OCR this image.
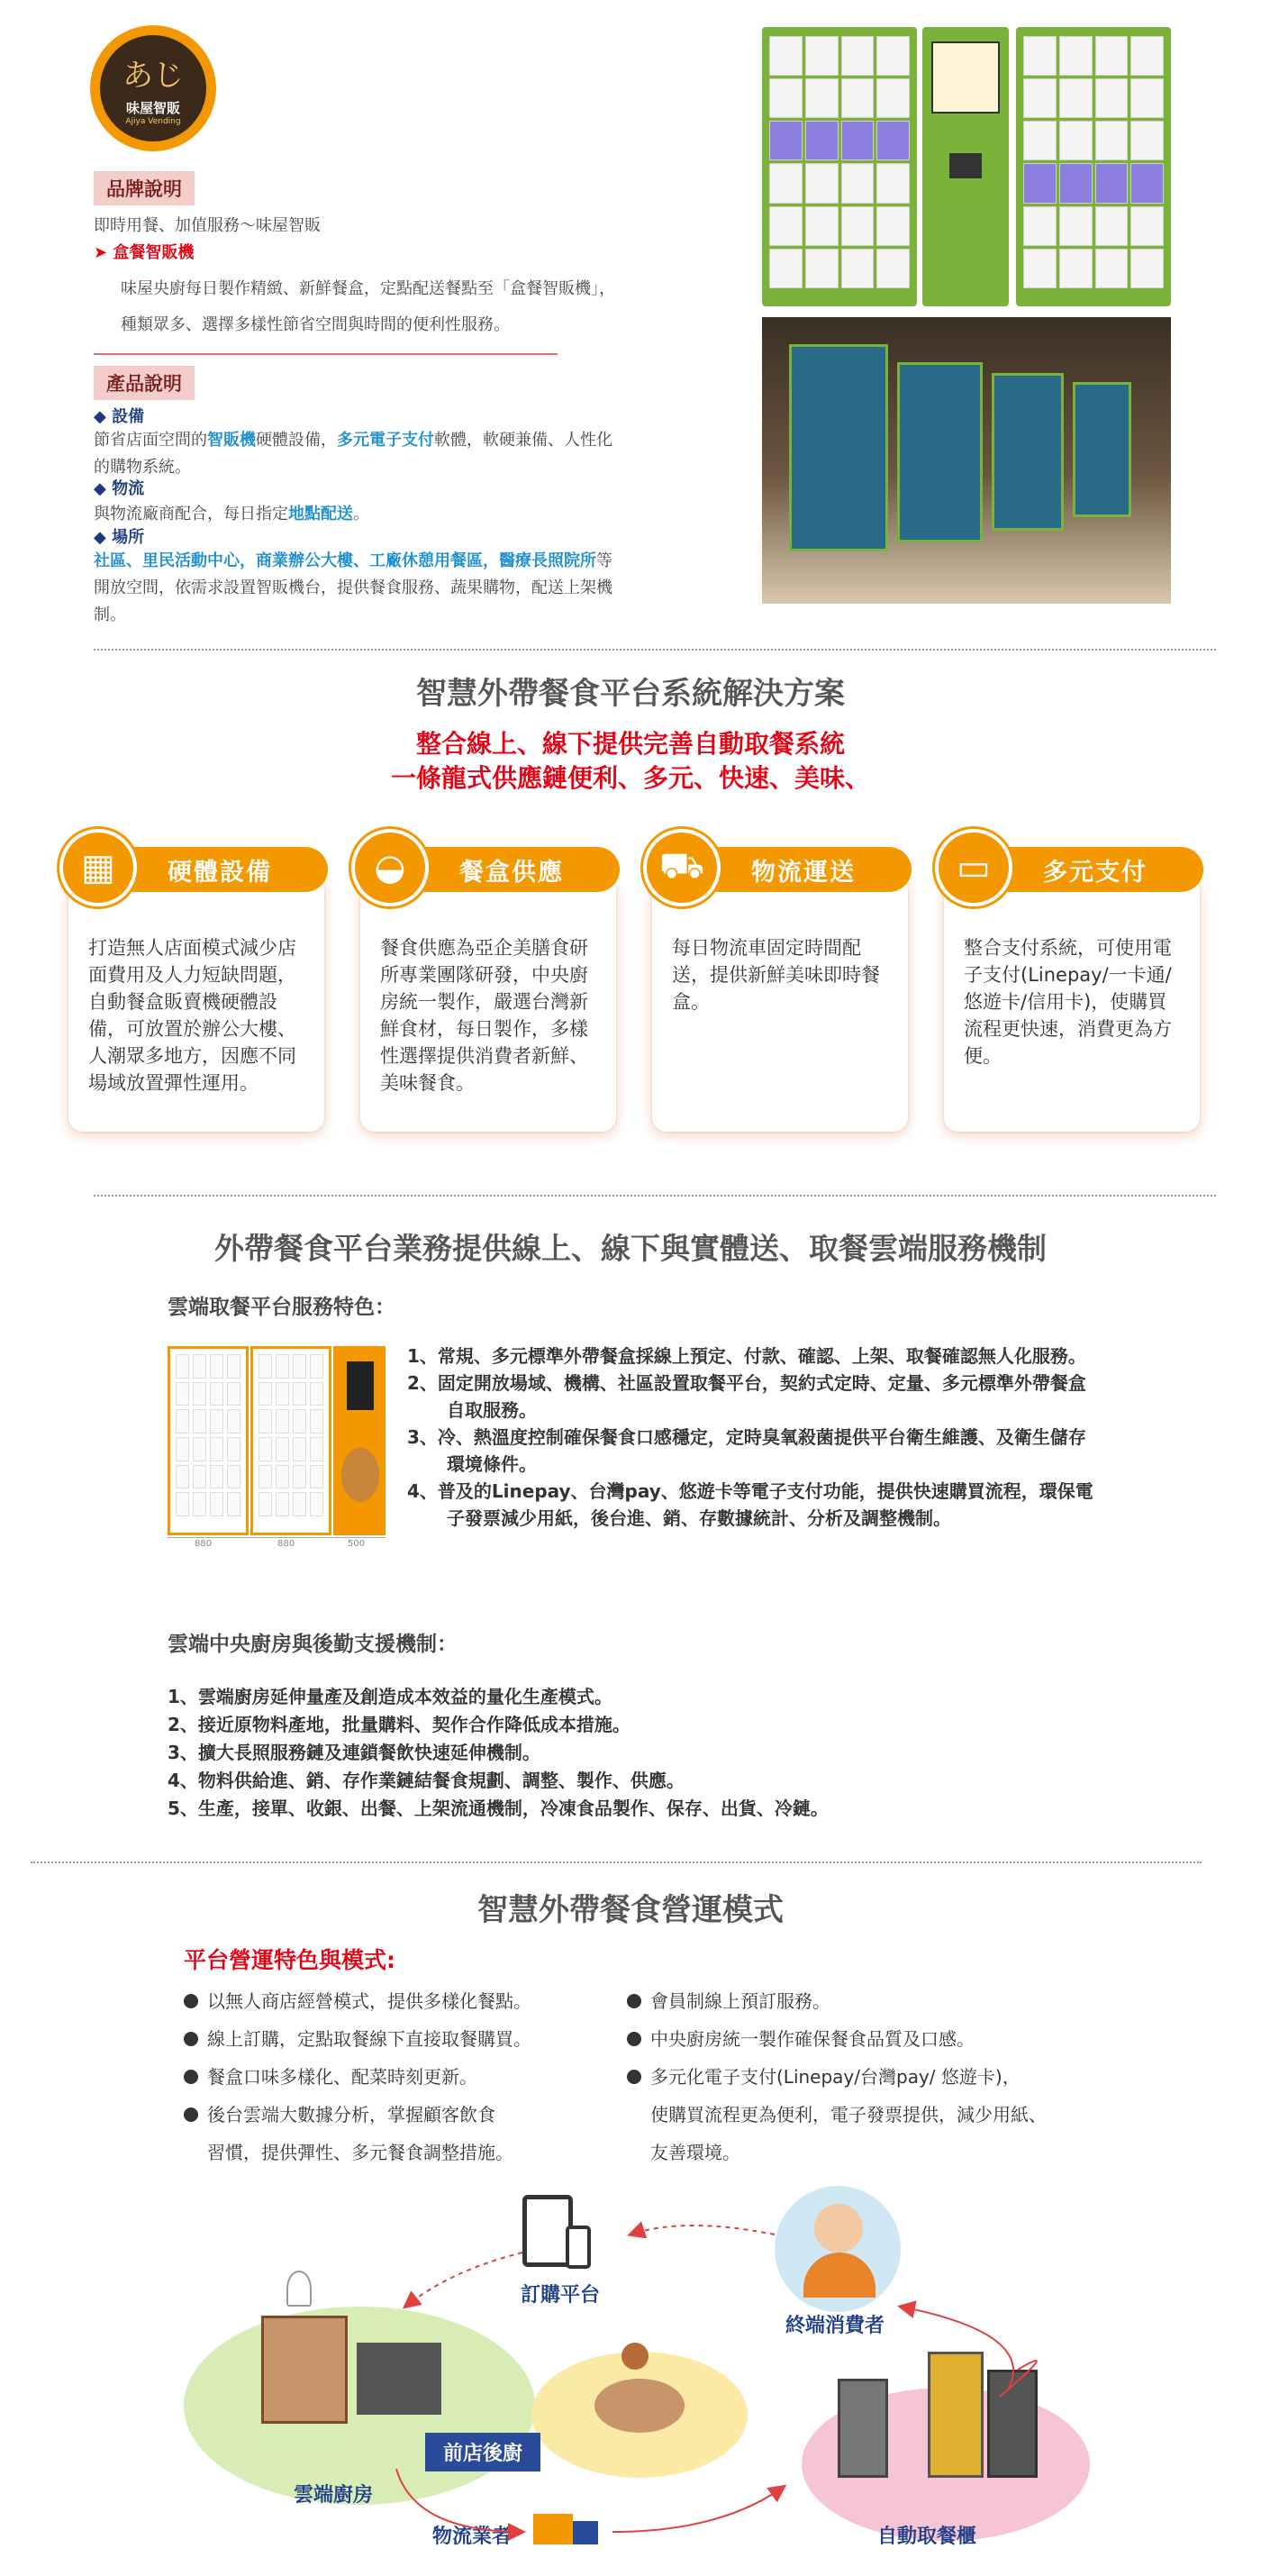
あじ
味屋智販
Ajiya Vending
品牌說明
即時用餐、加值服務～味屋智販
➤ 盒餐智販機
味屋央廚每日製作精緻、新鮮餐盒，定點配送餐點至「盒餐智販機」，
種類眾多、選擇多樣性節省空間與時間的便利性服務。
產品說明
◆ 設備
節省店面空間的智販機硬體設備，多元電子支付軟體，軟硬兼備、人性化
的購物系統。
◆ 物流
與物流廠商配合，每日指定地點配送。
◆ 場所
社區、里民活動中心，商業辦公大樓、工廠休憩用餐區，醫療長照院所等
開放空間，依需求設置智販機台，提供餐食服務、蔬果購物，配送上架機
制。
智慧外帶餐食平台系統解決方案
整合線上、線下提供完善自動取餐系統
一條龍式供應鏈便利、多元、快速、美味、
▦	硬體設備
打造無人店面模式減少店面費用及人力短缺問題，自動餐盒販賣機硬體設備，可放置於辦公大樓、人潮眾多地方，因應不同場域放置彈性運用。
◒	餐盒供應
餐食供應為亞企美膳食研所專業團隊研發，中央廚房統一製作，嚴選台灣新鮮食材，每日製作，多樣性選擇提供消費者新鮮、美味餐食。
⛟	物流運送
每日物流車固定時間配送，提供新鮮美味即時餐盒。
▭	多元支付
整合支付系統，可使用電子支付(Linepay/一卡通/ 悠遊卡/信用卡)，使購買流程更快速，消費更為方便。
外帶餐食平台業務提供線上、線下與實體送、取餐雲端服務機制
雲端取餐平台服務特色：
880	880	500
1、常規、多元標準外帶餐盒採線上預定、付款、確認、上架、取餐確認無人化服務。
2、固定開放場域、機構、社區設置取餐平台，契約式定時、定量、多元標準外帶餐盒自取服務。
3、冷、熱溫度控制確保餐食口感穩定，定時臭氧殺菌提供平台衛生維護、及衛生儲存環境條件。
4、普及的Linepay、台灣pay、悠遊卡等電子支付功能，提供快速購買流程，環保電子發票減少用紙，後台進、銷、存數據統計、分析及調整機制。
雲端中央廚房與後勤支援機制：
1、雲端廚房延伸量產及創造成本效益的量化生產模式。
2、接近原物料產地，批量購料、契作合作降低成本措施。
3、擴大長照服務鏈及連鎖餐飲快速延伸機制。
4、物料供給進、銷、存作業鏈結餐食規劃、調整、製作、供應。
5、生產，接單、收銀、出餐、上架流通機制，冷凍食品製作、保存、出貨、冷鏈。
智慧外帶餐食營運模式
平台營運特色與模式:
以無人商店經營模式，提供多樣化餐點。
線上訂購，定點取餐線下直接取餐購買。
餐盒口味多樣化、配菜時刻更新。
後台雲端大數據分析，掌握顧客飲食
習慣，提供彈性、多元餐食調整措施。
會員制線上預訂服務。
中央廚房統一製作確保餐食品質及口感。
多元化電子支付(Linepay/台灣pay/ 悠遊卡)，
使購買流程更為便利，電子發票提供，減少用紙、
友善環境。
訂購平台
終端消費者
前店後廚
雲端廚房
物流業者	自動取餐櫃
